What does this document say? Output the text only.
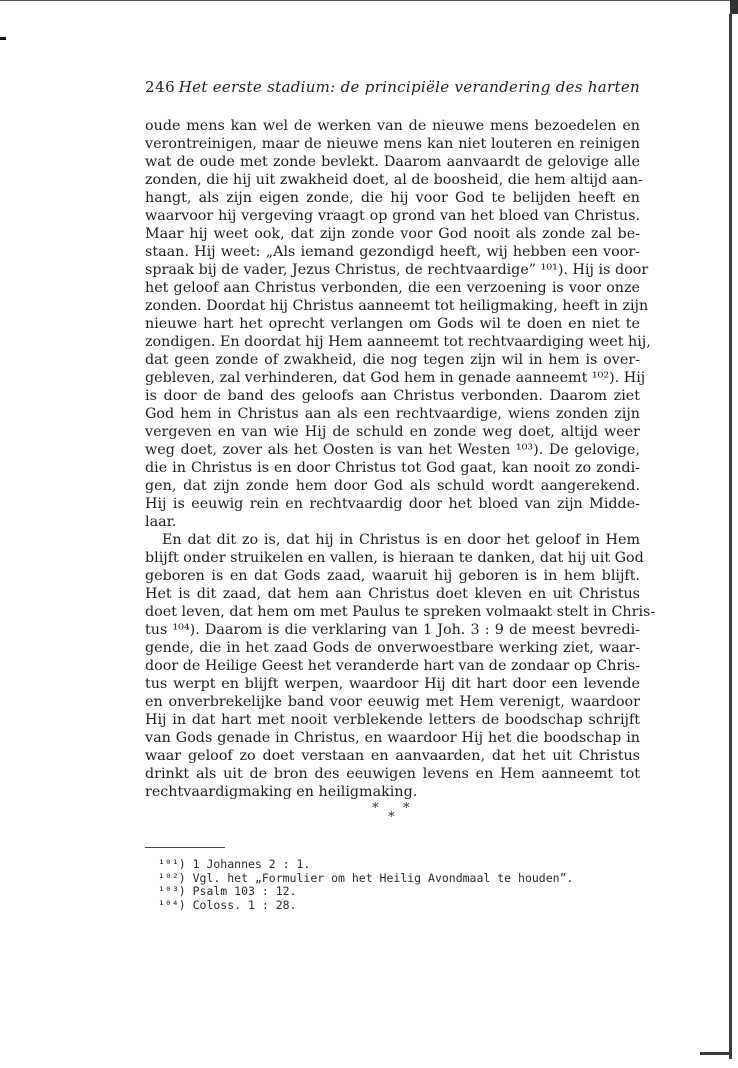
246 Het eerste stadium: de principiële verandering des harten
oude mens kan wel de werken van de nieuwe mens bezoedelen en
verontreinigen, maar de nieuwe mens kan niet louteren en reinigen
wat de oude met zonde bevlekt. Daarom aanvaardt de gelovige alle
zonden, die hij uit zwakheid doet, al de boosheid, die hem altijd aan-
hangt, als zijn eigen zonde, die hij voor God te belijden heeft en
waarvoor hij vergeving vraagt op grond van het bloed van Christus.
Maar hij weet ook, dat zijn zonde voor God nooit als zonde zal be-
staan. Hij weet: „Als iemand gezondigd heeft, wij hebben een voor-
spraak bij de vader, Jezus Christus, de rechtvaardige” ¹⁰¹). Hij is door
het geloof aan Christus verbonden, die een verzoening is voor onze
zonden. Doordat hij Christus aanneemt tot heiligmaking, heeft in zijn
nieuwe hart het oprecht verlangen om Gods wil te doen en niet te
zondigen. En doordat hij Hem aanneemt tot rechtvaardiging weet hij,
dat geen zonde of zwakheid, die nog tegen zijn wil in hem is over-
gebleven, zal verhinderen, dat God hem in genade aanneemt ¹⁰²). Hij
is door de band des geloofs aan Christus verbonden. Daarom ziet
God hem in Christus aan als een rechtvaardige, wiens zonden zijn
vergeven en van wie Hij de schuld en zonde weg doet, altijd weer
weg doet, zover als het Oosten is van het Westen ¹⁰³). De gelovige,
die in Christus is en door Christus tot God gaat, kan nooit zo zondi-
gen, dat zijn zonde hem door God als schuld wordt aangerekend.
Hij is eeuwig rein en rechtvaardig door het bloed van zijn Midde-
laar.
En dat dit zo is, dat hij in Christus is en door het geloof in Hem
blijft onder struikelen en vallen, is hieraan te danken, dat hij uit God
geboren is en dat Gods zaad, waaruit hij geboren is in hem blijft.
Het is dit zaad, dat hem aan Christus doet kleven en uit Christus
doet leven, dat hem om met Paulus te spreken volmaakt stelt in Chris-
tus ¹⁰⁴). Daarom is die verklaring van 1 Joh. 3 : 9 de meest bevredi-
gende, die in het zaad Gods de onverwoestbare werking ziet, waar-
door de Heilige Geest het veranderde hart van de zondaar op Chris-
tus werpt en blijft werpen, waardoor Hij dit hart door een levende
en onverbrekelijke band voor eeuwig met Hem verenigt, waardoor
Hij in dat hart met nooit verblekende letters de boodschap schrijft
van Gods genade in Christus, en waardoor Hij het die boodschap in
waar geloof zo doet verstaan en aanvaarden, dat het uit Christus
drinkt als uit de bron des eeuwigen levens en Hem aanneemt tot
rechtvaardigmaking en heiligmaking.
* *
*
¹⁰¹) 1 Johannes 2 : 1.
¹⁰²) Vgl. het „Formulier om het Heilig Avondmaal te houden”.
¹⁰³) Psalm 103 : 12.
¹⁰⁴) Coloss. 1 : 28.
